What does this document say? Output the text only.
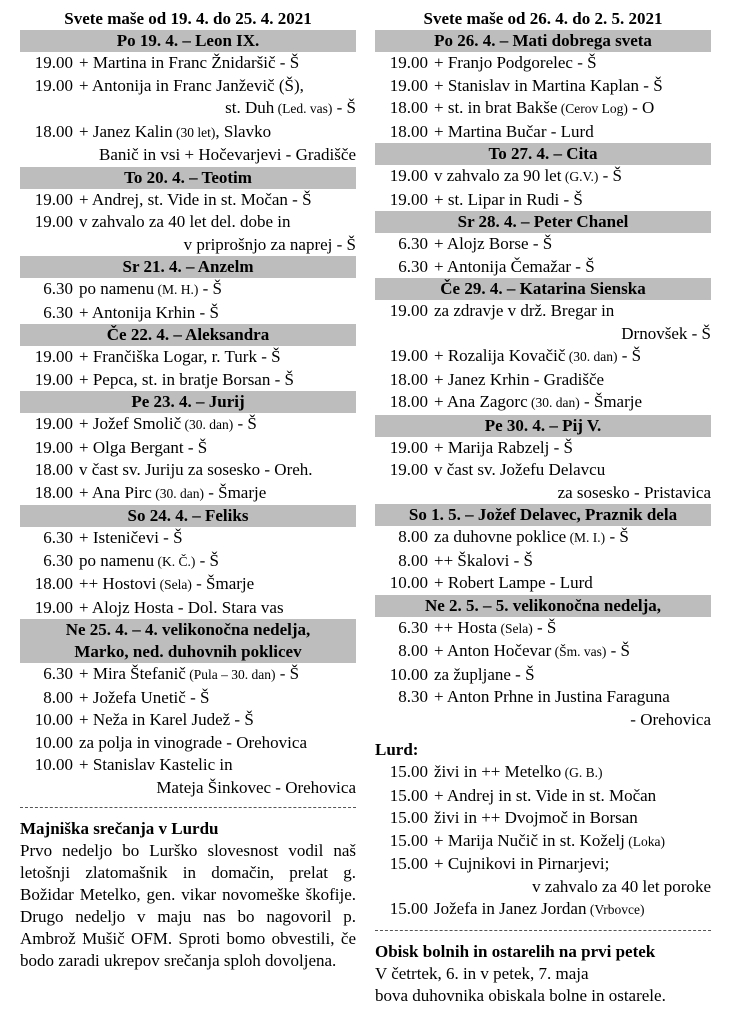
Svete maše od 19. 4. do 25. 4. 2021
Po 19. 4. – Leon IX.
19.00 + Martina in Franc Žnidaršič - Š
19.00 + Antonija in Franc Janževič (Š),
st. Duh (Led. vas) - Š
18.00 + Janez Kalin (30 let), Slavko
Banič in vsi + Hočevarjevi - Gradišče
To 20. 4. – Teotim
19.00 + Andrej, st. Vide in st. Močan - Š
19.00 v zahvalo za 40 let del. dobe in
v priprošnjo za naprej - Š
Sr 21. 4. – Anzelm
6.30 po namenu (M. H.) - Š
6.30 + Antonija Krhin - Š
Če 22. 4. – Aleksandra
19.00 + Frančiška Logar, r. Turk - Š
19.00 + Pepca, st. in bratje Borsan - Š
Pe 23. 4. – Jurij
19.00 + Jožef Smolič (30. dan) - Š
19.00 + Olga Bergant - Š
18.00 v čast sv. Juriju za sosesko - Oreh.
18.00 + Ana Pirc (30. dan) - Šmarje
So 24. 4. – Feliks
6.30 + Isteničevi - Š
6.30 po namenu (K. Č.) - Š
18.00 ++ Hostovi (Sela) - Šmarje
19.00 + Alojz Hosta - Dol. Stara vas
Ne 25. 4. – 4. velikonočna nedelja,
Marko, ned. duhovnih poklicev
6.30 + Mira Štefanič (Pula – 30. dan) - Š
8.00 + Jožefa Unetič - Š
10.00 + Neža in Karel Judež - Š
10.00 za polja in vinograde - Orehovica
10.00 + Stanislav Kastelic in
Mateja Šinkovec - Orehovica
Majniška srečanja v Lurdu
Prvo nedeljo bo Lurško slovesnost vodil naš letošnji zlatomašnik in domačin, prelat g. Božidar Metelko, gen. vikar novomeške škofije. Drugo nedeljo v maju nas bo nagovoril p. Ambrož Mušič OFM. Sproti bomo obvestili, če bodo zaradi ukrepov srečanja sploh dovoljena.
Svete maše od 26. 4. do 2. 5. 2021
Po 26. 4. – Mati dobrega sveta
19.00 + Franjo Podgorelec - Š
19.00 + Stanislav in Martina Kaplan - Š
18.00 + st. in brat Bakše (Cerov Log) - O
18.00 + Martina Bučar - Lurd
To 27. 4. – Cita
19.00 v zahvalo za 90 let (G.V.) - Š
19.00 + st. Lipar in Rudi - Š
Sr 28. 4. – Peter Chanel
6.30 + Alojz Borse - Š
6.30 + Antonija Čemažar - Š
Če 29. 4. – Katarina Sienska
19.00 za zdravje v drž. Bregar in
Drnovšek - Š
19.00 + Rozalija Kovačič (30. dan) - Š
18.00 + Janez Krhin - Gradišče
18.00 + Ana Zagorc (30. dan) - Šmarje
Pe 30. 4. – Pij V.
19.00 + Marija Rabzelj - Š
19.00 v čast sv. Jožefu Delavcu
za sosesko - Pristavica
So 1. 5. – Jožef Delavec, Praznik dela
8.00 za duhovne poklice (M. I.) - Š
8.00 ++ Škalovi - Š
10.00 + Robert Lampe - Lurd
Ne 2. 5. – 5. velikonočna nedelja,
6.30 ++ Hosta (Sela) - Š
8.00 + Anton Hočevar (Šm. vas) - Š
10.00 za župljane - Š
8.30 + Anton Prhne in Justina Faraguna
- Orehovica
Lurd:
15.00 živi in ++ Metelko (G. B.)
15.00 + Andrej in st. Vide in st. Močan
15.00 živi in ++ Dvojmoč in Borsan
15.00 + Marija Nučič in st. Koželj (Loka)
15.00 + Cujnikovi in Pirnarjevi;
v zahvalo za 40 let poroke
15.00 Jožefa in Janez Jordan (Vrbovce)
Obisk bolnih in ostarelih na prvi petek
V četrtek, 6. in v petek, 7. maja
bova duhovnika obiskala bolne in ostarele.
